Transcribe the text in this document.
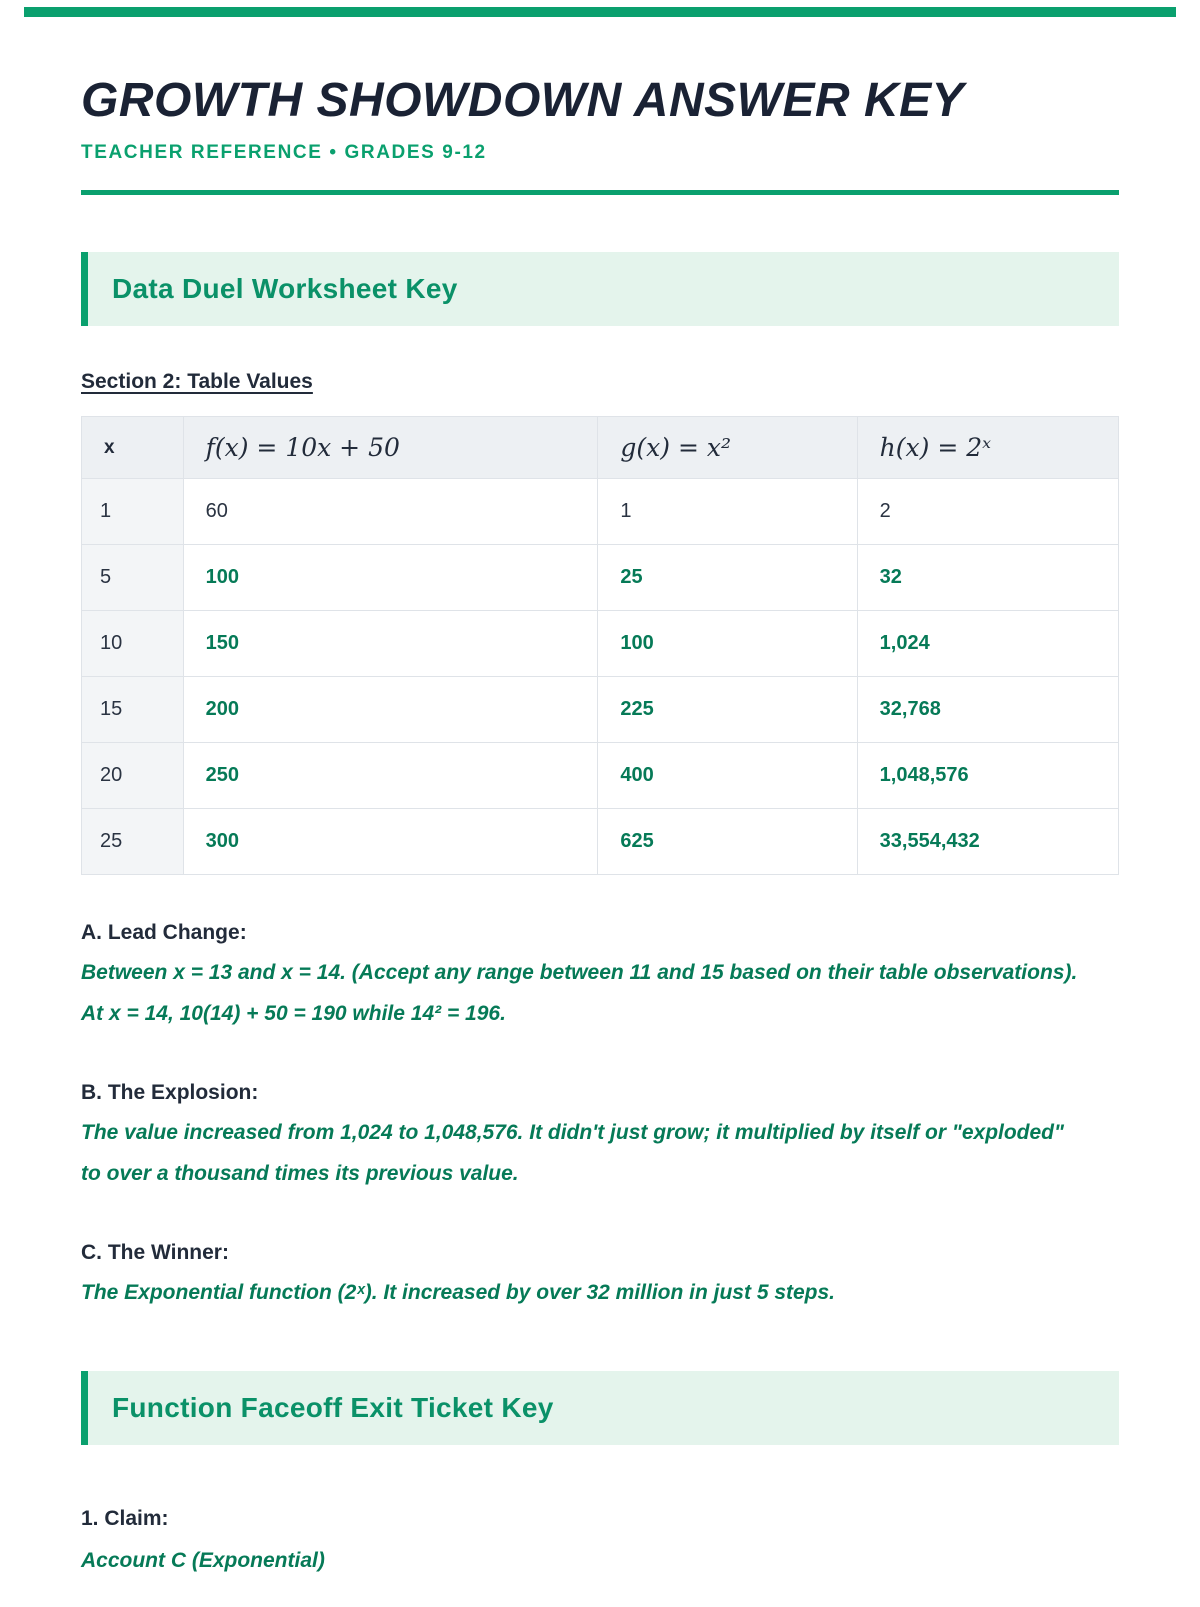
GROWTH SHOWDOWN ANSWER KEY
TEACHER REFERENCE • GRADES 9-12
Data Duel Worksheet Key
Section 2: Table Values
x	f(x) = 10x + 50	g(x) = x²	h(x) = 2ˣ
1	60	1	2
5	100	25	32
10	150	100	1,024
15	200	225	32,768
20	250	400	1,048,576
25	300	625	33,554,432
A. Lead Change:
Between x = 13 and x = 14. (Accept any range between 11 and 15 based on their table observations). At x = 14, 10(14) + 50 = 190 while 14² = 196.
B. The Explosion:
The value increased from 1,024 to 1,048,576. It didn't just grow; it multiplied by itself or "exploded" to over a thousand times its previous value.
C. The Winner:
The Exponential function (2ˣ). It increased by over 32 million in just 5 steps.
Function Faceoff Exit Ticket Key
1. Claim:
Account C (Exponential)
